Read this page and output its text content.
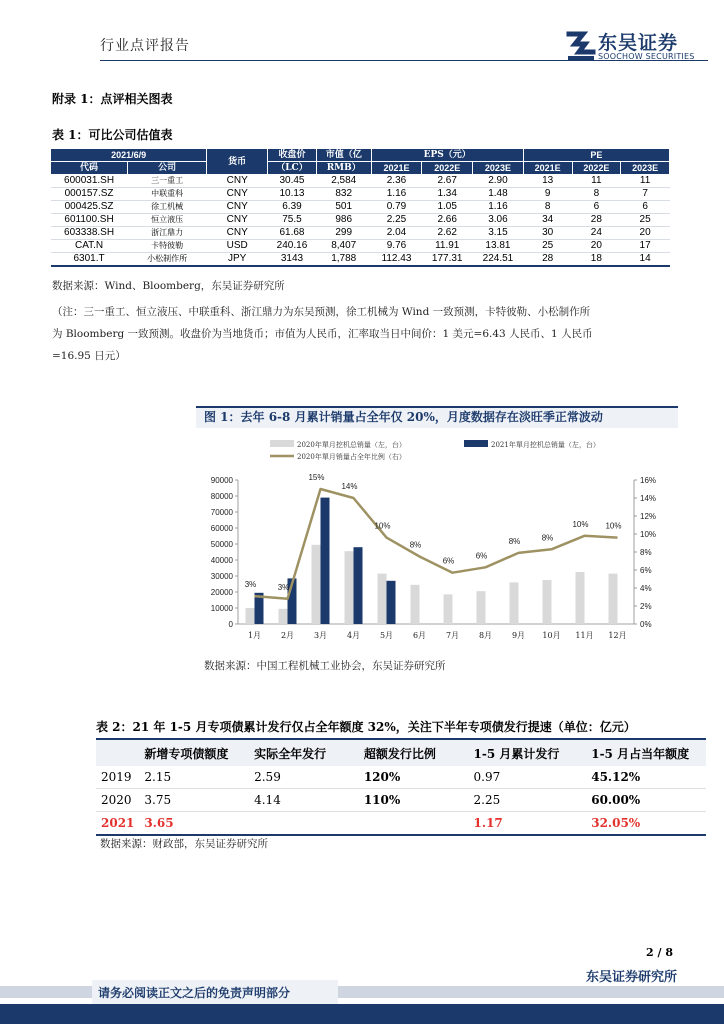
行业点评报告	东吴证券
SOOCHOW SECURITIES
附录 1：点评相关图表
表 1：可比公司估值表
2021/6/9		货币	收盘价	市值（亿	EPS（元）			PE		
代码	公司		（LC）	RMB）	2021E	2022E	2023E	2021E	2022E	2023E
600031.SH	三一重工	CNY	30.45	2,584	2.36	2.67	2.90	13	11	11
000157.SZ	中联重科	CNY	10.13	832	1.16	1.34	1.48	9	8	7
000425.SZ	徐工机械	CNY	6.39	501	0.79	1.05	1.16	8	6	6
601100.SH	恒立液压	CNY	75.5	986	2.25	2.66	3.06	34	28	25
603338.SH	浙江鼎力	CNY	61.68	299	2.04	2.62	3.15	30	24	20
CAT.N	卡特彼勒	USD	240.16	8,407	9.76	11.91	13.81	25	20	17
6301.T	小松制作所	JPY	3143	1,788	112.43	177.31	224.51	28	18	14
数据来源：Wind、Bloomberg，东吴证券研究所
（注：三一重工、恒立液压、中联重科、浙江鼎力为东吴预测，徐工机械为 Wind 一致预测，卡特彼勒、小松制作所
为 Bloomberg 一致预测。收盘价为当地货币；市值为人民币，汇率取当日中间价：1 美元=6.43 人民币、1 人民币
=16.95 日元）
图 1：去年 6-8 月累计销量占全年仅 20%，月度数据存在淡旺季正常波动
2020年單月挖机总销量（左，台）	2021年單月挖机总销量（左，台）
2020年單月销量占全年比例（右）
0
10000
20000
30000
40000
50000
60000
70000
80000
90000
0%
2%
4%
6%
8%
10%
12%
14%
16%
1月 2月 3月 4月 5月 6月 7月 8月 9月 10月 11月 12月
3%	3%
15%
14%
10%
8%
6%
6%
8%	8%
10% 10%
数据来源：中国工程机械工业协会，东吴证券研究所
表 2：21 年 1-5 月专项债累计发行仅占全年额度 32%，关注下半年专项债发行提速（单位：亿元）
	新增专项债额度	实际全年发行	超额发行比例	1-5 月累计发行	1-5 月占当年额度
2019	2.15	2.59	120%	0.97	45.12%
2020	3.75	4.14	110%	2.25	60.00%
2021	3.65			1.17	32.05%
数据来源：财政部，东吴证券研究所
2 / 8
东吴证券研究所
请务必阅读正文之后的免责声明部分
